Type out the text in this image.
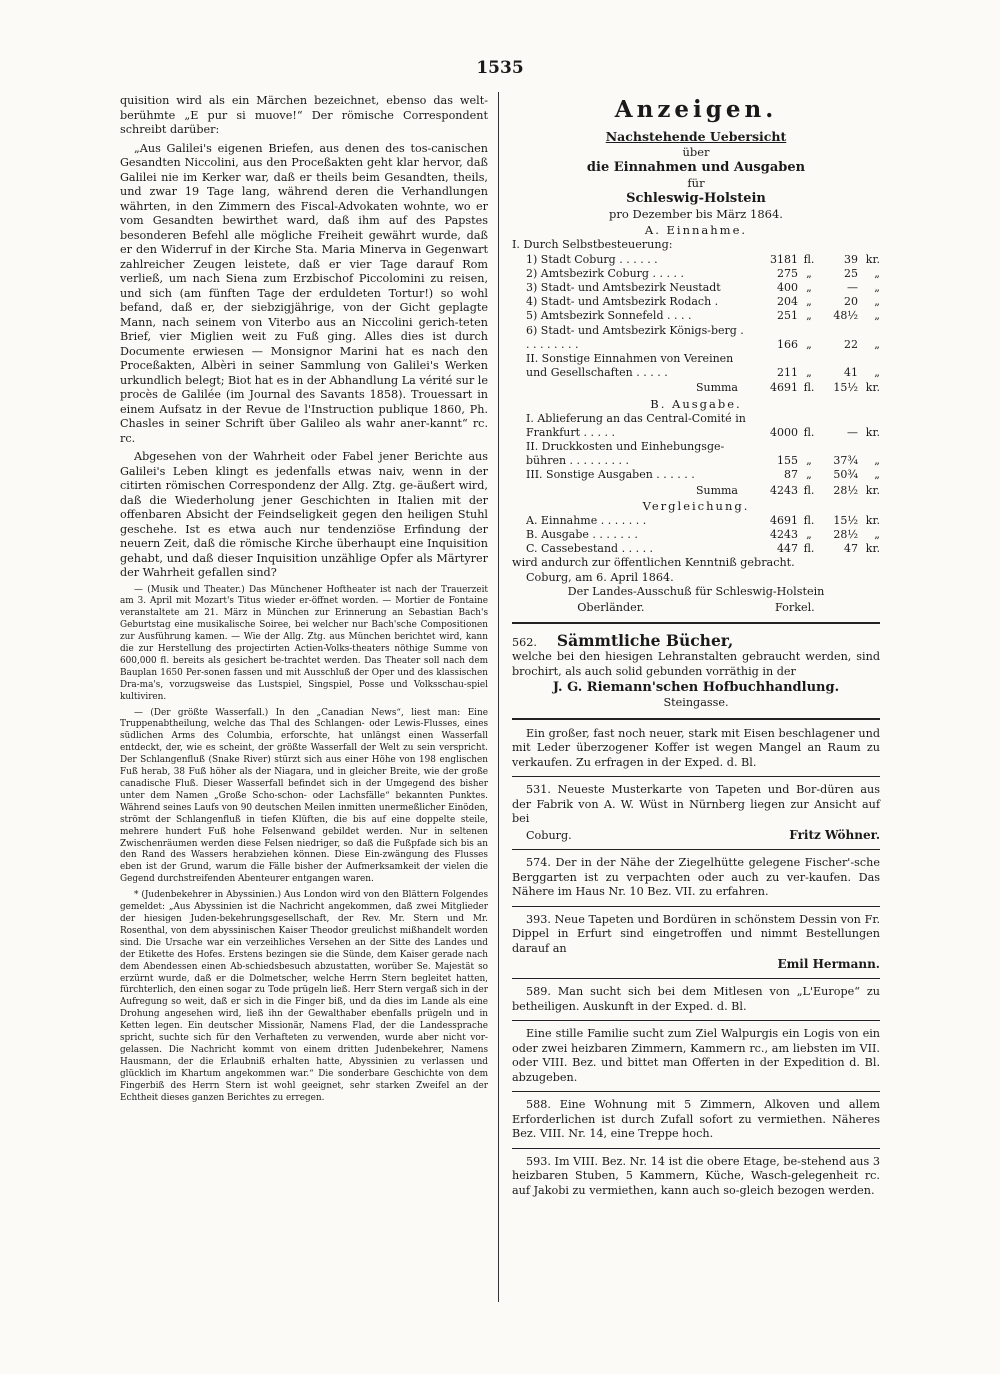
1535

quisition wird als ein Märchen bezeichnet, ebenso das welt-berühmte „E pur si muove!“ Der römische Correspondent schreibt darüber:

„Aus Galilei's eigenen Briefen, aus denen des tos-canischen Gesandten Niccolini, aus den Proceßakten geht klar hervor, daß Galilei nie im Kerker war, daß er theils beim Gesandten, theils, und zwar 19 Tage lang, während deren die Verhandlungen währten, in den Zimmern des Fiscal-Advokaten wohnte, wo er vom Gesandten bewirthet ward, daß ihm auf des Papstes besonderen Befehl alle mögliche Freiheit gewährt wurde, daß er den Widerruf in der Kirche Sta. Maria Minerva in Gegenwart zahlreicher Zeugen leistete, daß er vier Tage darauf Rom verließ, um nach Siena zum Erzbischof Piccolomini zu reisen, und sich (am fünften Tage der erduldeten Tortur!) so wohl befand, daß er, der siebzigjährige, von der Gicht geplagte Mann, nach seinem von Viterbo aus an Niccolini gerich-teten Brief, vier Miglien weit zu Fuß ging. Alles dies ist durch Documente erwiesen — Monsignor Marini hat es nach den Proceßakten, Albèri in seiner Sammlung von Galilei's Werken urkundlich belegt; Biot hat es in der Abhandlung La vérité sur le procès de Galilée (im Journal des Savants 1858). Trouessart in einem Aufsatz in der Revue de l'Instruction publique 1860, Ph. Chasles in seiner Schrift über Galileo als wahr aner-kannt“ rc. rc.

Abgesehen von der Wahrheit oder Fabel jener Berichte aus Galilei's Leben klingt es jedenfalls etwas naiv, wenn in der citirten römischen Correspondenz der Allg. Ztg. ge-äußert wird, daß die Wiederholung jener Geschichten in Italien mit der offenbaren Absicht der Feindseligkeit gegen den heiligen Stuhl geschehe. Ist es etwa auch nur tendenziöse Erfindung der neuern Zeit, daß die römische Kirche überhaupt eine Inquisition gehabt, und daß dieser Inquisition unzählige Opfer als Märtyrer der Wahrheit gefallen sind?

— (Musik und Theater.) Das Münchener Hoftheater ist nach der Trauerzeit am 3. April mit Mozart's Titus wieder er-öffnet worden. — Mortier de Fontaine veranstaltete am 21. März in München zur Erinnerung an Sebastian Bach's Geburtstag eine musikalische Soiree, bei welcher nur Bach'sche Compositionen zur Ausführung kamen. — Wie der Allg. Ztg. aus München berichtet wird, kann die zur Herstellung des projectirten Actien-Volks-theaters nöthige Summe von 600,000 fl. bereits als gesichert be-trachtet werden. Das Theater soll nach dem Bauplan 1650 Per-sonen fassen und mit Ausschluß der Oper und des klassischen Dra-ma's, vorzugsweise das Lustspiel, Singspiel, Posse und Volksschau-spiel kultiviren.

— (Der größte Wasserfall.) In den „Canadian News“, liest man: Eine Truppenabtheilung, welche das Thal des Schlangen- oder Lewis-Flusses, eines südlichen Arms des Columbia, erforschte, hat unlängst einen Wasserfall entdeckt, der, wie es scheint, der größte Wasserfall der Welt zu sein verspricht. Der Schlangenfluß (Snake River) stürzt sich aus einer Höhe von 198 englischen Fuß herab, 38 Fuß höher als der Niagara, und in gleicher Breite, wie der große canadische Fluß. Dieser Wasserfall befindet sich in der Umgegend des bisher unter dem Namen „Große Scho-schon- oder Lachsfälle“ bekannten Punktes. Während seines Laufs von 90 deutschen Meilen inmitten unermeßlicher Einöden, strömt der Schlangenfluß in tiefen Klüften, die bis auf eine doppelte steile, mehrere hundert Fuß hohe Felsenwand gebildet werden. Nur in seltenen Zwischenräumen werden diese Felsen niedriger, so daß die Fußpfade sich bis an den Rand des Wassers herabziehen können. Diese Ein-zwängung des Flusses eben ist der Grund, warum die Fälle bisher der Aufmerksamkeit der vielen die Gegend durchstreifenden Abenteurer entgangen waren.

* (Judenbekehrer in Abyssinien.) Aus London wird von den Blättern Folgendes gemeldet: „Aus Abyssinien ist die Nachricht angekommen, daß zwei Mitglieder der hiesigen Juden-bekehrungsgesellschaft, der Rev. Mr. Stern und Mr. Rosenthal, von dem abyssinischen Kaiser Theodor greulichst mißhandelt worden sind. Die Ursache war ein verzeihliches Versehen an der Sitte des Landes und der Etikette des Hofes. Erstens bezingen sie die Sünde, dem Kaiser gerade nach dem Abendessen einen Ab-schiedsbesuch abzustatten, worüber Se. Majestät so erzürnt wurde, daß er die Dolmetscher, welche Herrn Stern begleitet hatten, fürchterlich, den einen sogar zu Tode prügeln ließ. Herr Stern vergaß sich in der Aufregung so weit, daß er sich in die Finger biß, und da dies im Lande als eine Drohung angesehen wird, ließ ihn der Gewalthaber ebenfalls prügeln und in Ketten legen. Ein deutscher Missionär, Namens Flad, der die Landessprache spricht, suchte sich für den Verhafteten zu verwenden, wurde aber nicht vor-gelassen. Die Nachricht kommt von einem dritten Judenbekehrer, Namens Hausmann, der die Erlaubniß erhalten hatte, Abyssinien zu verlassen und glücklich im Khartum angekommen war.“ Die sonderbare Geschichte von dem Fingerbiß des Herrn Stern ist wohl geeignet, sehr starken Zweifel an der Echtheit dieses ganzen Berichtes zu erregen.

Anzeigen.
Nachstehende Uebersicht
über
die Einnahmen und Ausgaben
für
Schleswig-Holstein
pro Dezember bis März 1864.
A. Einnahme.
I. Durch Selbstbesteuerung:
1) Stadt Coburg . . . . . .	3181	fl.	39	kr.
2) Amtsbezirk Coburg . . . . .	275	„	25	„
3) Stadt- und Amtsbezirk Neustadt	400	„	—	„
4) Stadt- und Amtsbezirk Rodach .	204	„	20	„
5) Amtsbezirk Sonnefeld . . . .	251	„	48½	„
6) Stadt- und Amtsbezirk Königs-berg . . . . . . . . .	166	„	22	„
II. Sonstige Einnahmen von Vereinen und Gesellschaften . . . . .	211	„	41	„
Summa	4691	fl.	15½	kr.
B. Ausgabe.
I. Ablieferung an das Central-Comité in Frankfurt . . . . .	4000	fl.	—	kr.
II. Druckkosten und Einhebungsge-bühren . . . . . . . . .	155	„	37¾	„
III. Sonstige Ausgaben . . . . . .	87	„	50¾	„
Summa	4243	fl.	28½	kr.
Vergleichung.
A. Einnahme . . . . . . .	4691	fl.	15½	kr.
B. Ausgabe . . . . . . .	4243	„	28½	„
C. Cassebestand . . . . .	447	fl.	47	kr.

wird andurch zur öffentlichen Kenntniß gebracht.

Coburg, am 6. April 1864.

Der Landes-Ausschuß für Schleswig-Holstein

Oberländer.	Forkel.
562. Sämmtliche Bücher,

welche bei den hiesigen Lehranstalten gebraucht werden, sind brochirt, als auch solid gebunden vorräthig in der

J. G. Riemann'schen Hofbuchhandlung.

Steingasse.

Ein großer, fast noch neuer, stark mit Eisen beschlagener und mit Leder überzogener Koffer ist wegen Mangel an Raum zu verkaufen. Zu erfragen in der Exped. d. Bl.

531. Neueste Musterkarte von Tapeten und Bor-düren aus der Fabrik von A. W. Wüst in Nürnberg liegen zur Ansicht auf bei

Coburg.	Fritz Wöhner.

574. Der in der Nähe der Ziegelhütte gelegene Fischer'-sche Berggarten ist zu verpachten oder auch zu ver-kaufen. Das Nähere im Haus Nr. 10 Bez. VII. zu erfahren.

393. Neue Tapeten und Bordüren in schönstem Dessin von Fr. Dippel in Erfurt sind eingetroffen und nimmt Bestellungen darauf an

Emil Hermann.

589. Man sucht sich bei dem Mitlesen von „L'Europe“ zu betheiligen. Auskunft in der Exped. d. Bl.

Eine stille Familie sucht zum Ziel Walpurgis ein Logis von ein oder zwei heizbaren Zimmern, Kammern rc., am liebsten im VII. oder VIII. Bez. und bittet man Offerten in der Expedition d. Bl. abzugeben.

588. Eine Wohnung mit 5 Zimmern, Alkoven und allem Erforderlichen ist durch Zufall sofort zu vermiethen. Näheres Bez. VIII. Nr. 14, eine Treppe hoch.

593. Im VIII. Bez. Nr. 14 ist die obere Etage, be-stehend aus 3 heizbaren Stuben, 5 Kammern, Küche, Wasch-gelegenheit rc. auf Jakobi zu vermiethen, kann auch so-gleich bezogen werden.
